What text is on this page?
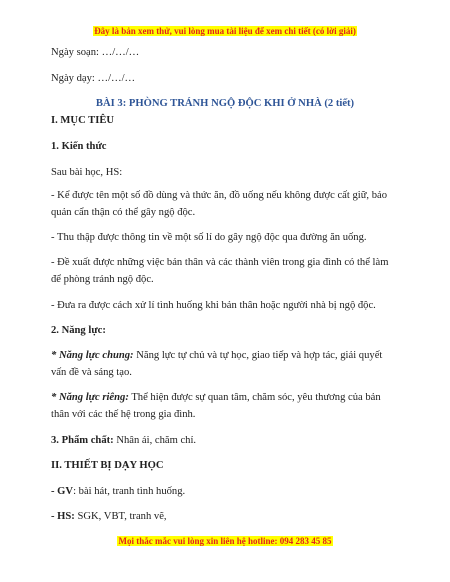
Đây là bản xem thử, vui lòng mua tài liệu để xem chi tiết (có lời giải)

Ngày soạn: …/…/…

Ngày dạy: …/…/…

BÀI 3: PHÒNG TRÁNH NGỘ ĐỘC KHI Ở NHÀ (2 tiết)

I. MỤC TIÊU

1. Kiến thức

Sau bài học, HS:

- Kể được tên một số đồ dùng và thức ăn, đồ uống nếu không được cất giữ, bảo quản cẩn thận có thể gây ngộ độc.

- Thu thập được thông tin về một số lí do gây ngộ độc qua đường ăn uống.

- Đề xuất được những việc bản thân và các thành viên trong gia đình có thể làm để phòng tránh ngộ độc.

- Đưa ra được cách xử lí tình huống khi bản thân hoặc người nhà bị ngộ độc.

2. Năng lực:

* Năng lực chung: Năng lực tự chủ và tự học, giao tiếp và hợp tác, giải quyết vấn đề và sáng tạo.

* Năng lực riêng: Thể hiện được sự quan tâm, chăm sóc, yêu thương của bản thân với các thế hệ trong gia đình.

3. Phẩm chất: Nhân ái, chăm chỉ.

II. THIẾT BỊ DẠY HỌC

- GV: bài hát, tranh tình huống.

- HS: SGK, VBT, tranh vẽ,

Mọi thắc mắc vui lòng xin liên hệ hotline: 094 283 45 85
